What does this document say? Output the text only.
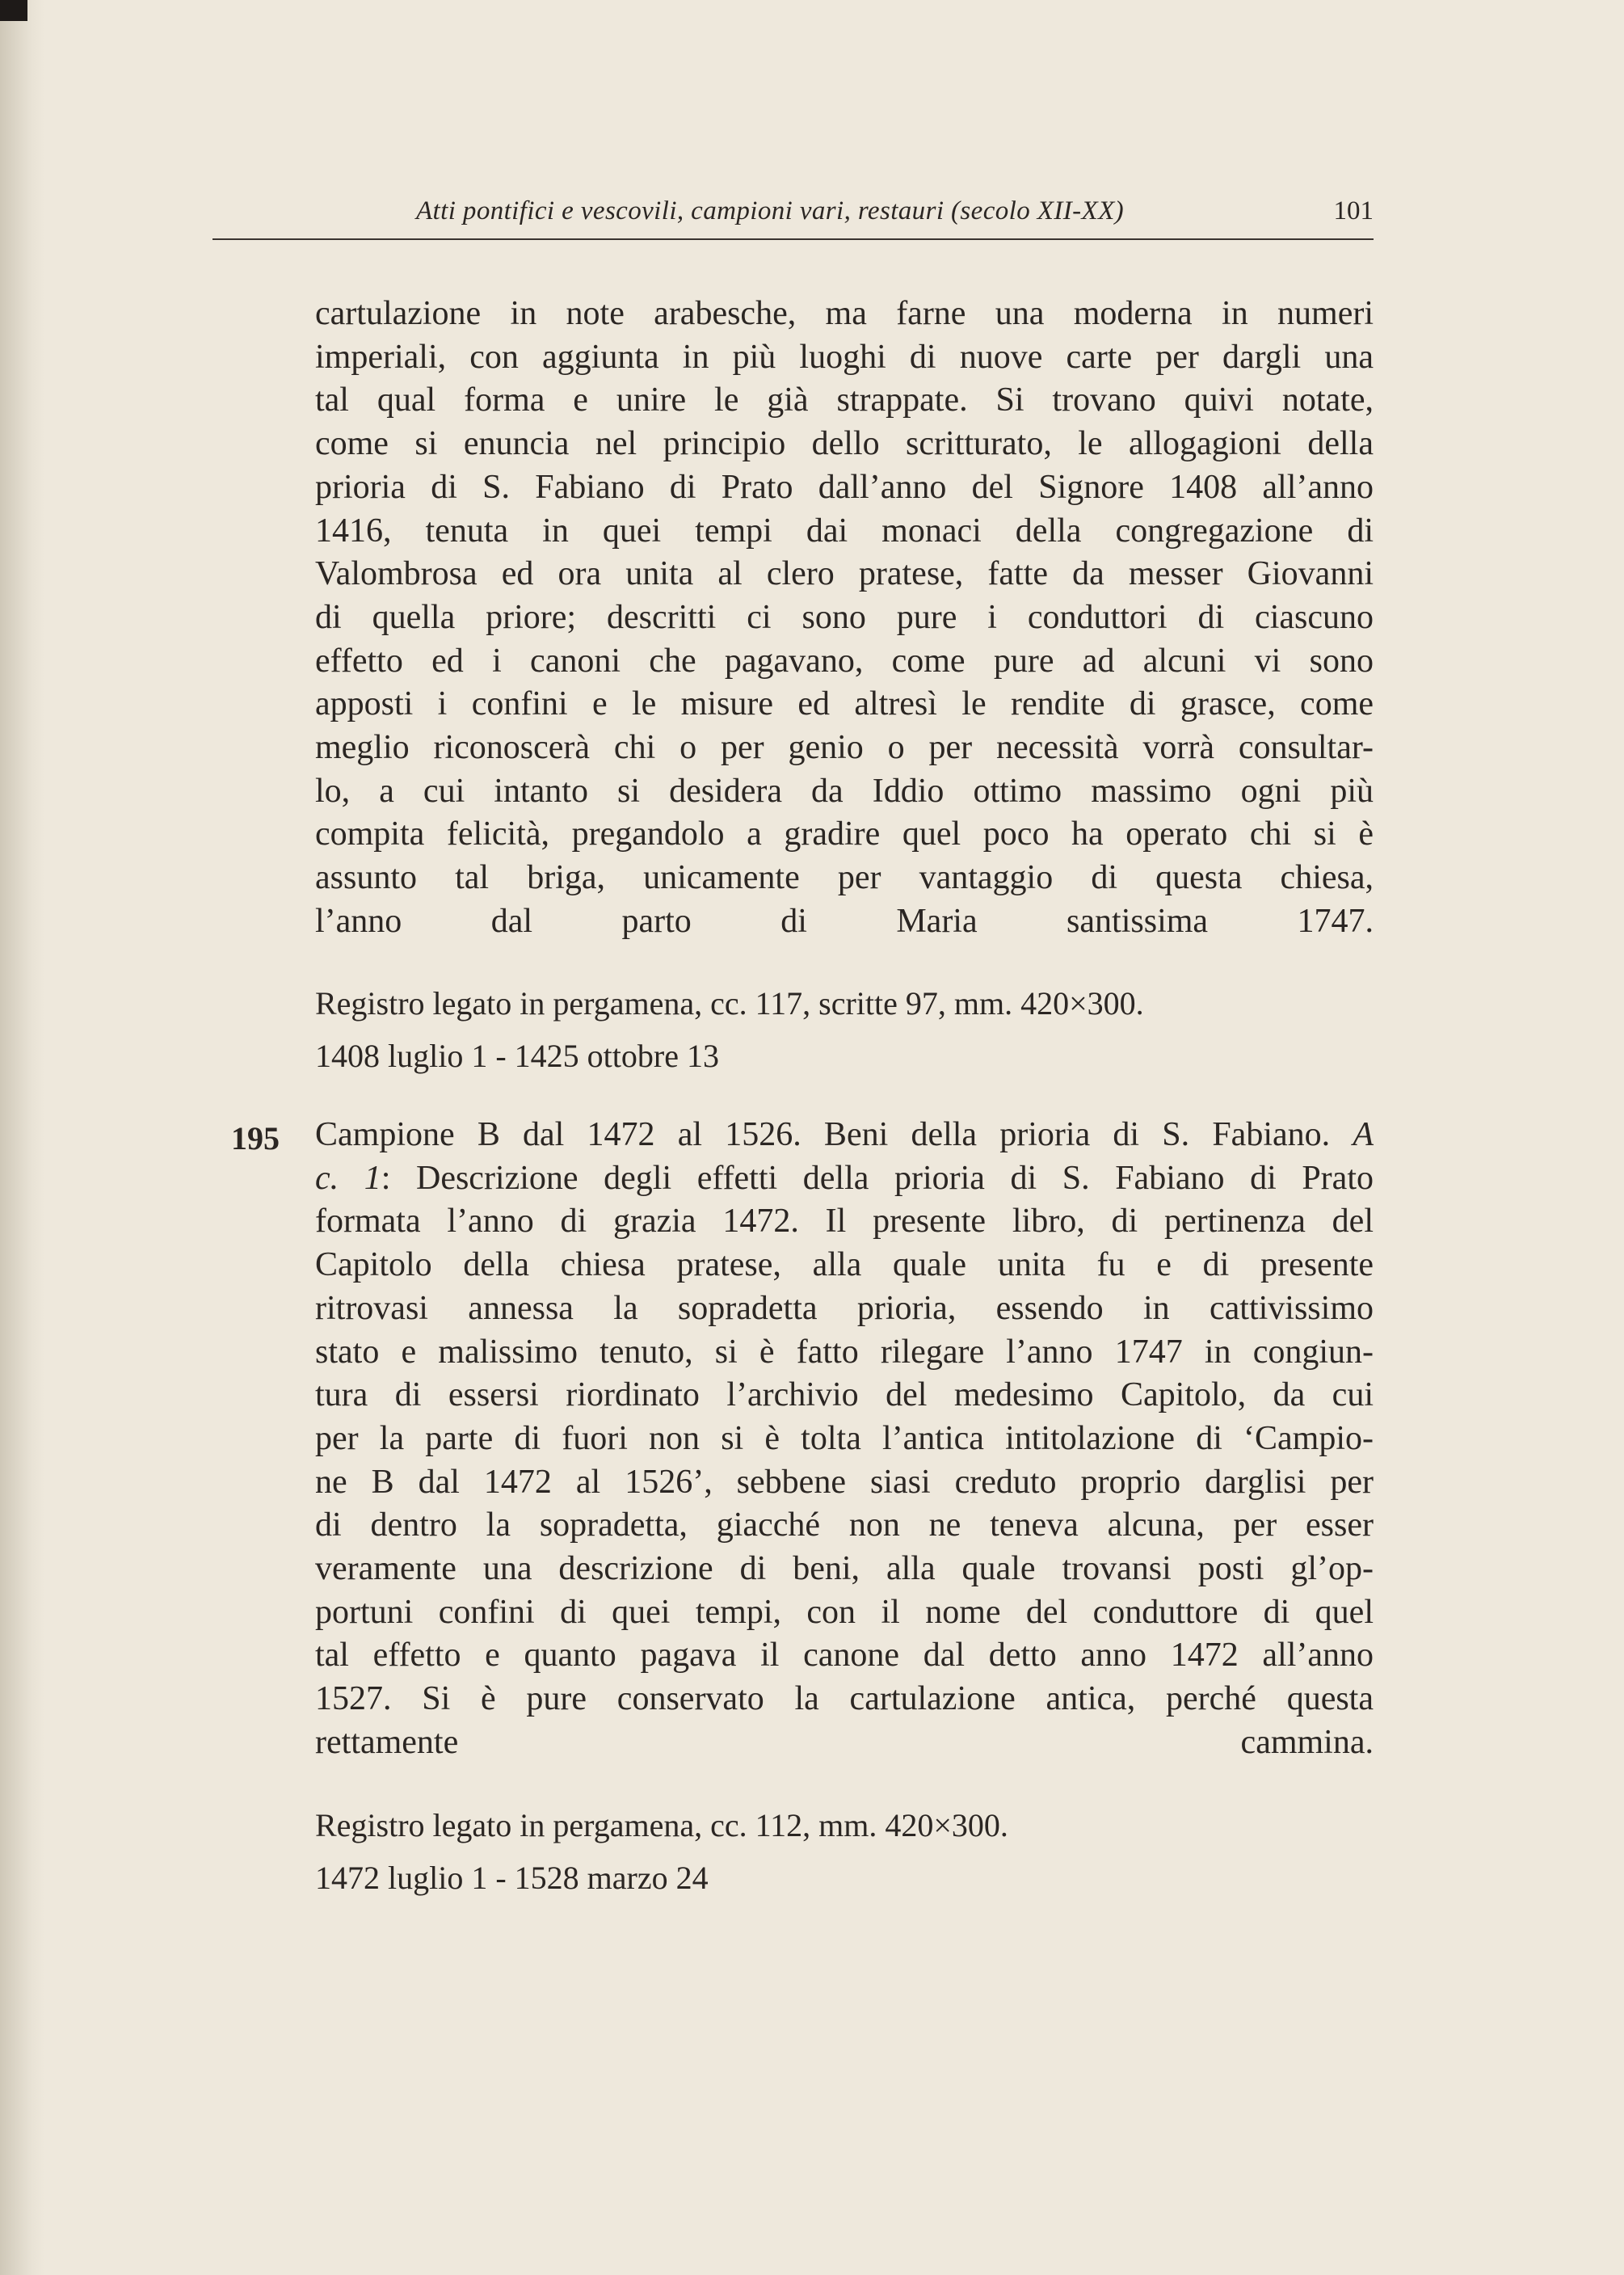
Atti pontifici e vescovili, campioni vari, restauri (secolo XII-XX)	101
cartulazione in note arabesche, ma farne una moderna in numeri
imperiali, con aggiunta in più luoghi di nuove carte per dargli una
tal qual forma e unire le già strappate. Si trovano quivi notate,
come si enuncia nel principio dello scritturato, le allogagioni della
prioria di S. Fabiano di Prato dall’anno del Signore 1408 all’anno
1416, tenuta in quei tempi dai monaci della congregazione di
Valombrosa ed ora unita al clero pratese, fatte da messer Giovanni
di quella priore; descritti ci sono pure i conduttori di ciascuno
effetto ed i canoni che pagavano, come pure ad alcuni vi sono
apposti i confini e le misure ed altresì le rendite di grasce, come
meglio riconoscerà chi o per genio o per necessità vorrà consultar-
lo, a cui intanto si desidera da Iddio ottimo massimo ogni più
compita felicità, pregandolo a gradire quel poco ha operato chi si è
assunto tal briga, unicamente per vantaggio di questa chiesa,
l’anno dal parto di Maria santissima 1747.

Registro legato in pergamena, cc. 117, scritte 97, mm. 420×300.

1408 luglio 1 - 1425 ottobre 13

195 Campione B dal 1472 al 1526. Beni della prioria di S. Fabiano. A
c. 1: Descrizione degli effetti della prioria di S. Fabiano di Prato
formata l’anno di grazia 1472. Il presente libro, di pertinenza del
Capitolo della chiesa pratese, alla quale unita fu e di presente
ritrovasi annessa la sopradetta prioria, essendo in cattivissimo
stato e malissimo tenuto, si è fatto rilegare l’anno 1747 in congiun-
tura di essersi riordinato l’archivio del medesimo Capitolo, da cui
per la parte di fuori non si è tolta l’antica intitolazione di ‘Campio-
ne B dal 1472 al 1526’, sebbene siasi creduto proprio darglisi per
di dentro la sopradetta, giacché non ne teneva alcuna, per esser
veramente una descrizione di beni, alla quale trovansi posti gl’op-
portuni confini di quei tempi, con il nome del conduttore di quel
tal effetto e quanto pagava il canone dal detto anno 1472 all’anno
1527. Si è pure conservato la cartulazione antica, perché questa
rettamente cammina.

Registro legato in pergamena, cc. 112, mm. 420×300.

1472 luglio 1 - 1528 marzo 24
